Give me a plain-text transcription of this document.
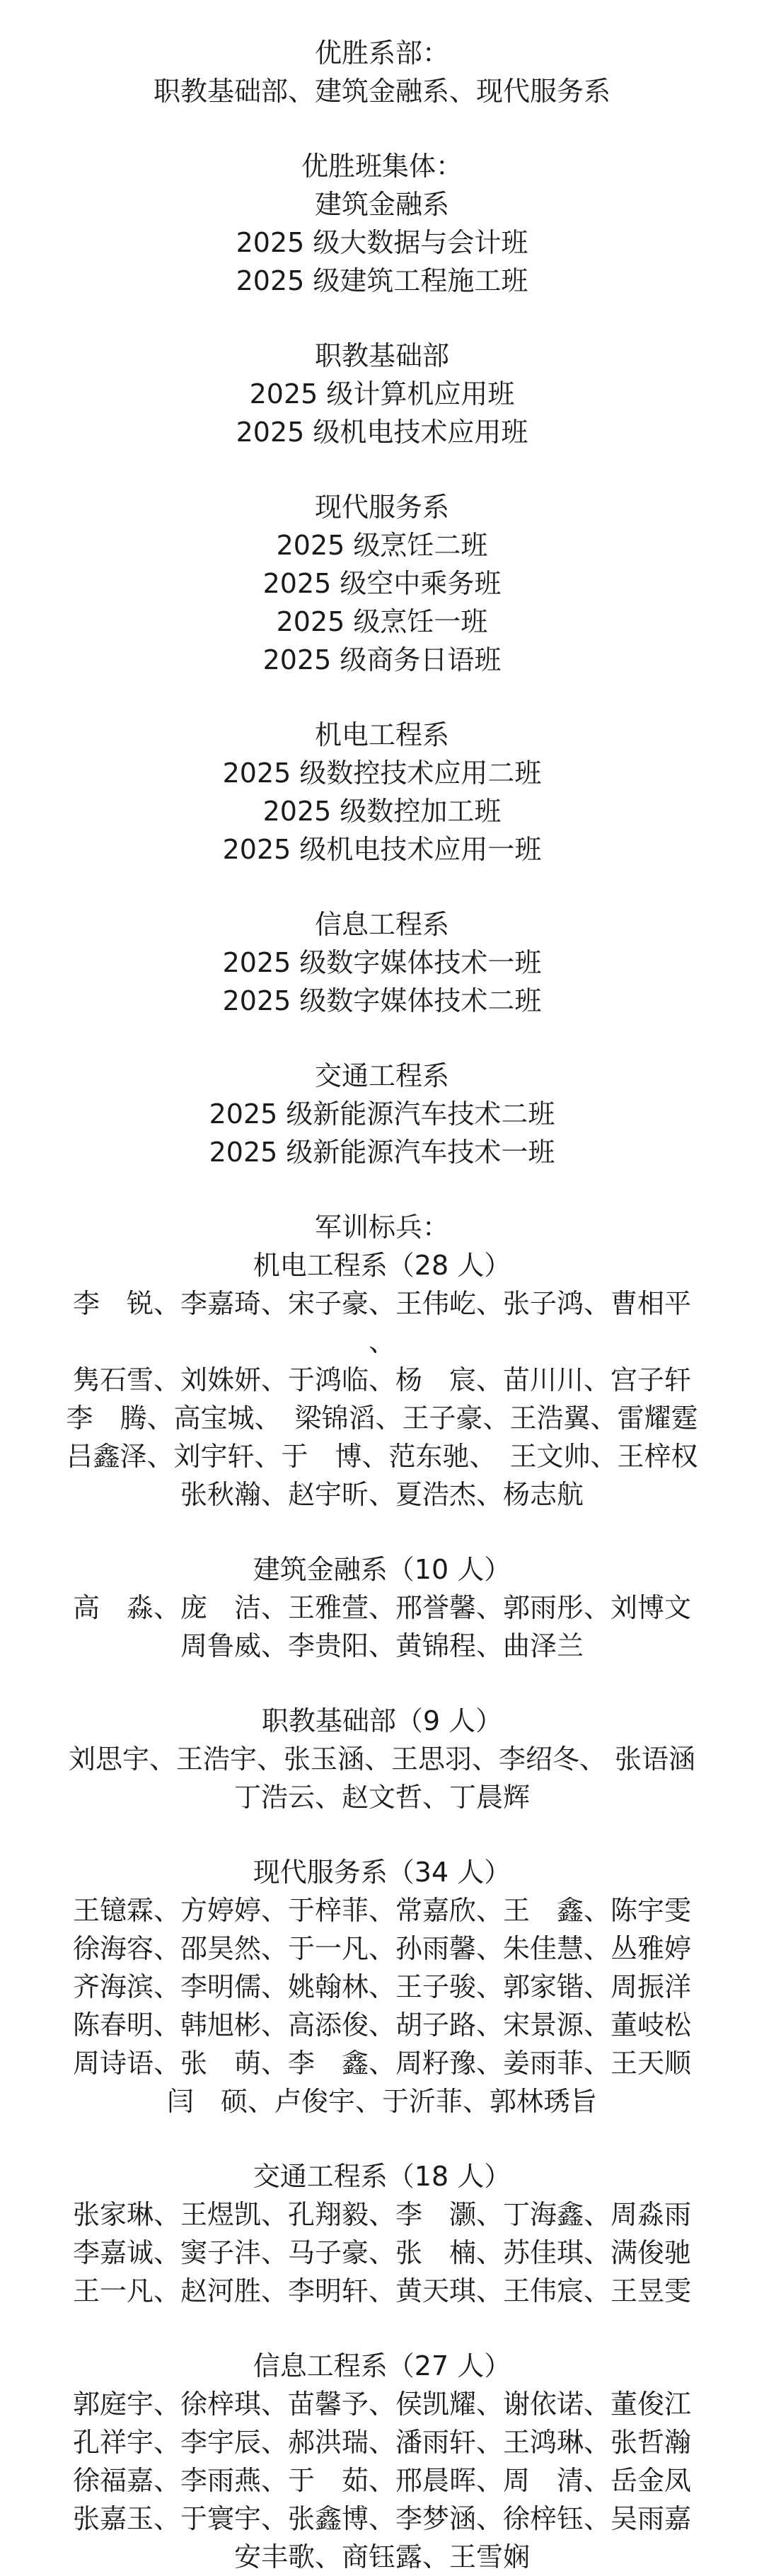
优胜系部：
职教基础部、建筑金融系、现代服务系
优胜班集体：
建筑金融系
2025 级大数据与会计班
2025 级建筑工程施工班
职教基础部
2025 级计算机应用班
2025 级机电技术应用班
现代服务系
2025 级烹饪二班
2025 级空中乘务班
2025 级烹饪一班
2025 级商务日语班
机电工程系
2025 级数控技术应用二班
2025 级数控加工班
2025 级机电技术应用一班
信息工程系
2025 级数字媒体技术一班
2025 级数字媒体技术二班
交通工程系
2025 级新能源汽车技术二班
2025 级新能源汽车技术一班
军训标兵：
机电工程系（28 人）
李　锐、李嘉琦、宋子豪、王伟屹、张子鸿、曹相平
、
隽石雪、刘姝妍、于鸿临、杨　宸、苗川川、宫子轩
李　腾、高宝城、　梁锦滔、王子豪、王浩翼、雷耀霆
吕鑫泽、刘宇轩、于　博、范东驰、　王文帅、王梓权
张秋瀚、赵宇昕、夏浩杰、杨志航
建筑金融系（10 人）
高　淼、庞　洁、王雅萱、邢誉馨、郭雨彤、刘博文
周鲁威、李贵阳、黄锦程、曲泽兰
职教基础部（9 人）
刘思宇、王浩宇、张玉涵、王思羽、李绍冬、 张语涵
丁浩云、赵文哲、丁晨辉
现代服务系（34 人）
王镱霖、方婷婷、于梓菲、常嘉欣、王　鑫、陈宇雯
徐海容、邵昊然、于一凡、孙雨馨、朱佳慧、丛雅婷
齐海滨、李明儒、姚翰林、王子骏、郭家锴、周振洋
陈春明、韩旭彬、高添俊、胡子路、宋景源、董岐松
周诗语、张　萌、李　鑫、周籽豫、姜雨菲、王天顺
闫　硕、卢俊宇、于沂菲、郭林琇旨
交通工程系（18 人）
张家琳、王煜凯、孔翔毅、李　灏、丁海鑫、周淼雨
李嘉诚、窦子沣、马子豪、张　楠、苏佳琪、满俊驰
王一凡、赵河胜、李明轩、黄天琪、王伟宸、王昱雯
信息工程系（27 人）
郭庭宇、徐梓琪、苗馨予、侯凯耀、谢依诺、董俊江
孔祥宇、李宇辰、郝洪瑞、潘雨轩、王鸿琳、张哲瀚
徐福嘉、李雨燕、于　茹、邢晨晖、周　清、岳金凤
张嘉玉、于寰宇、张鑫博、李梦涵、徐梓钰、吴雨嘉
安丰歌、商钰露、王雪娴
